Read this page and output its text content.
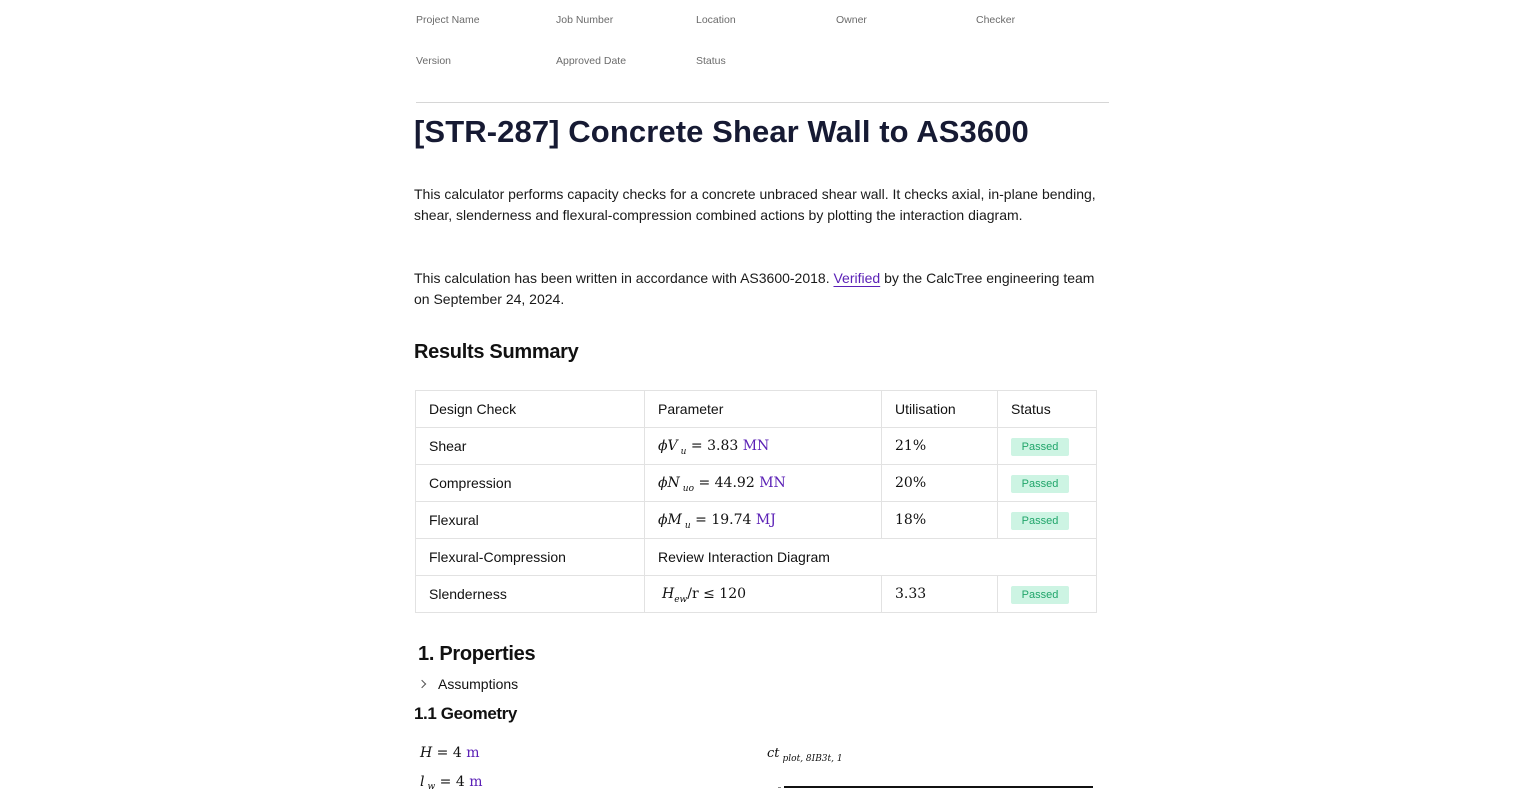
Project Name	Job Number	Location	Owner	Checker
Version	Approved Date	Status
[STR-287] Concrete Shear Wall to AS3600

This calculator performs capacity checks for a concrete unbraced shear wall. It checks axial, in-plane bending, shear, slenderness and flexural-compression combined actions by plotting the interaction diagram.

This calculation has been written in accordance with AS3600-2018. Verified by the CalcTree engineering team on September 24, 2024.

Results Summary
Design Check	Parameter	Utilisation	Status
Shear	ϕV $_u$ = 3.83 MN	21%	Passed
Compression	ϕN $_{uo}$ = 44.92 MN	20%	Passed
Flexural	ϕM $_u$ = 19.74 MJ	18%	Passed
Flexural-Compression	Review Interaction Diagram		
Slenderness	$H_{ew}/r \le 120$	3.33	Passed
1. Properties
Assumptions
1.1 Geometry
H = 4 m
l $_w$ = 4 m
ct $_{plot, 8IB3t, 1}$
